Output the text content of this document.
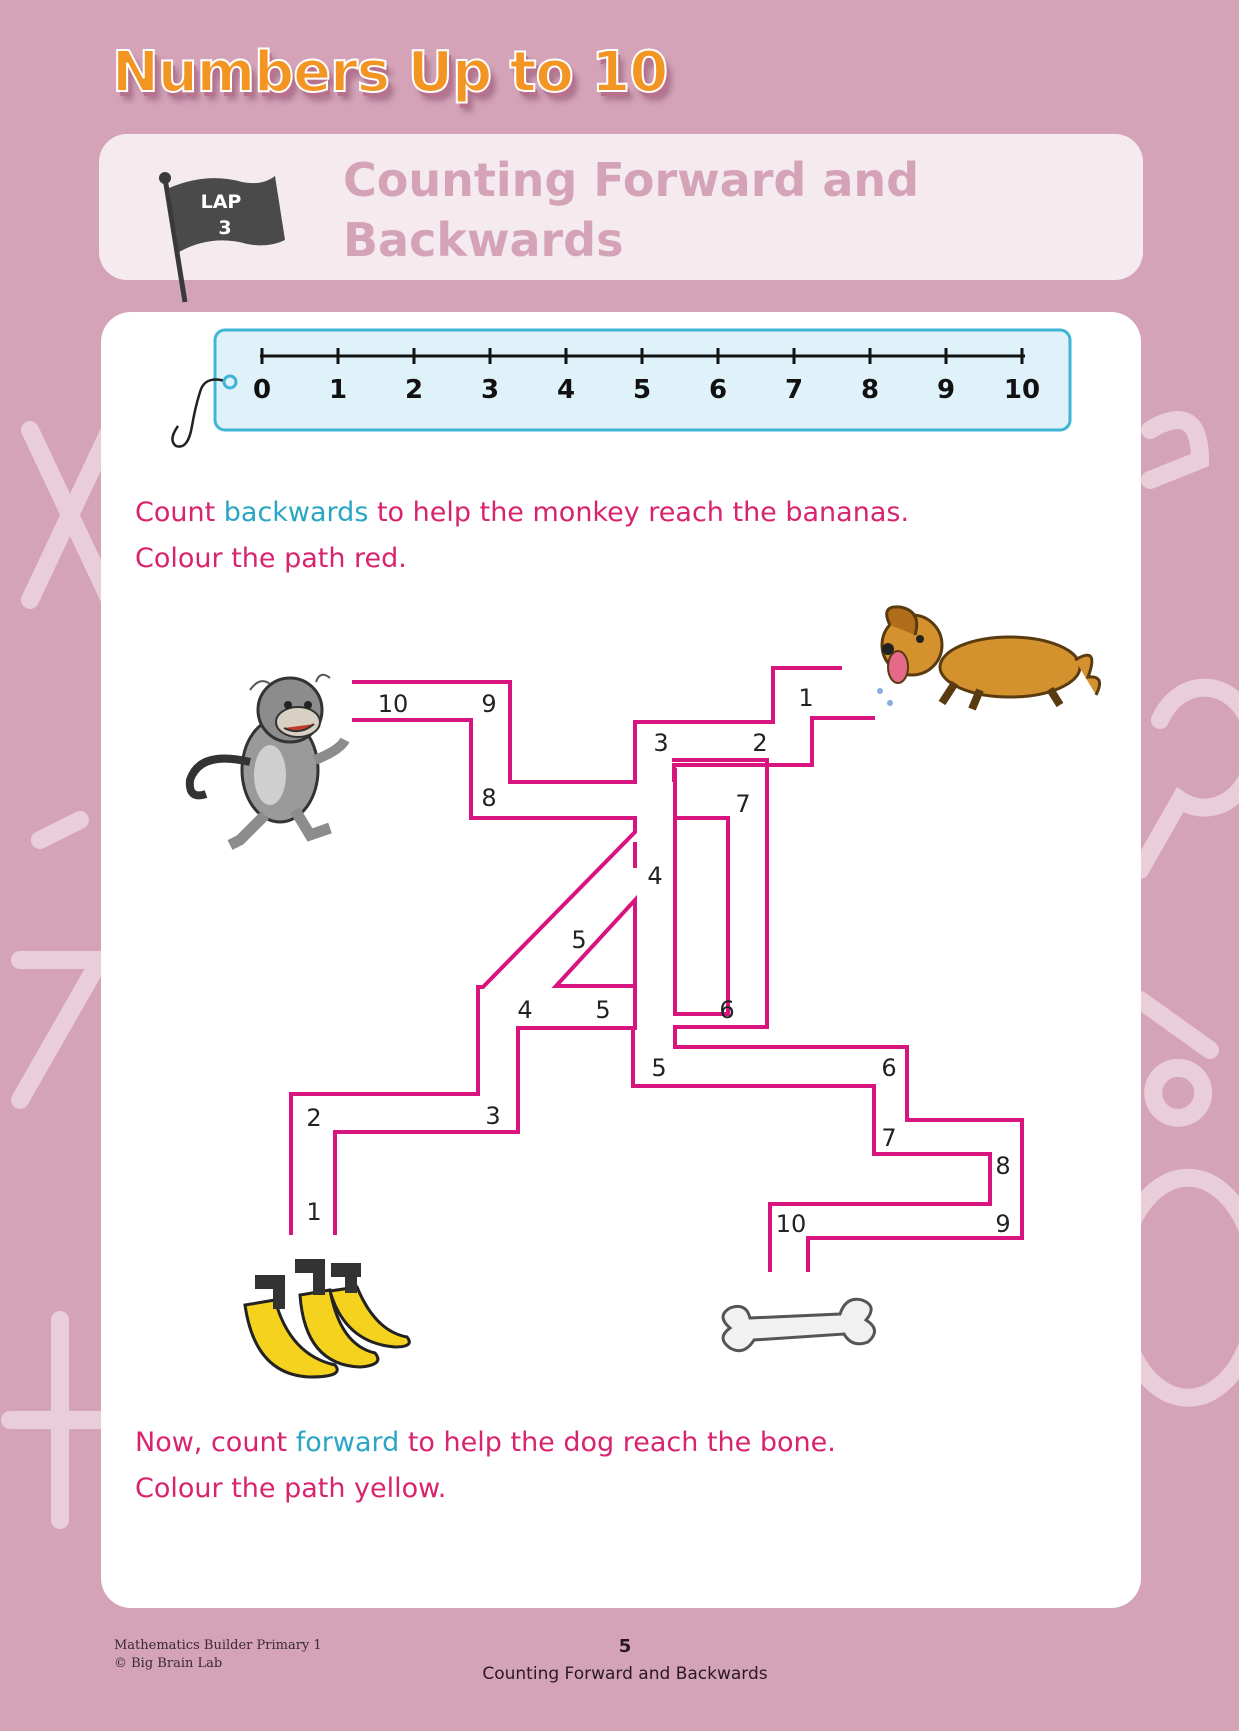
Numbers Up to 10
LAP
3
Counting Forward and
Backwards
0 1 2 3 4 5 6 7 8 9 10

Count backwards to help the monkey reach the bananas.
Colour the path red.

10	9
8
3	2
1
7
4
5
4	5	6
5	6
7
8
9
10
2	3
1

Now, count forward to help the dog reach the bone.
Colour the path yellow.

Mathematics Builder Primary 1
© Big Brain Lab

5
Counting Forward and Backwards
